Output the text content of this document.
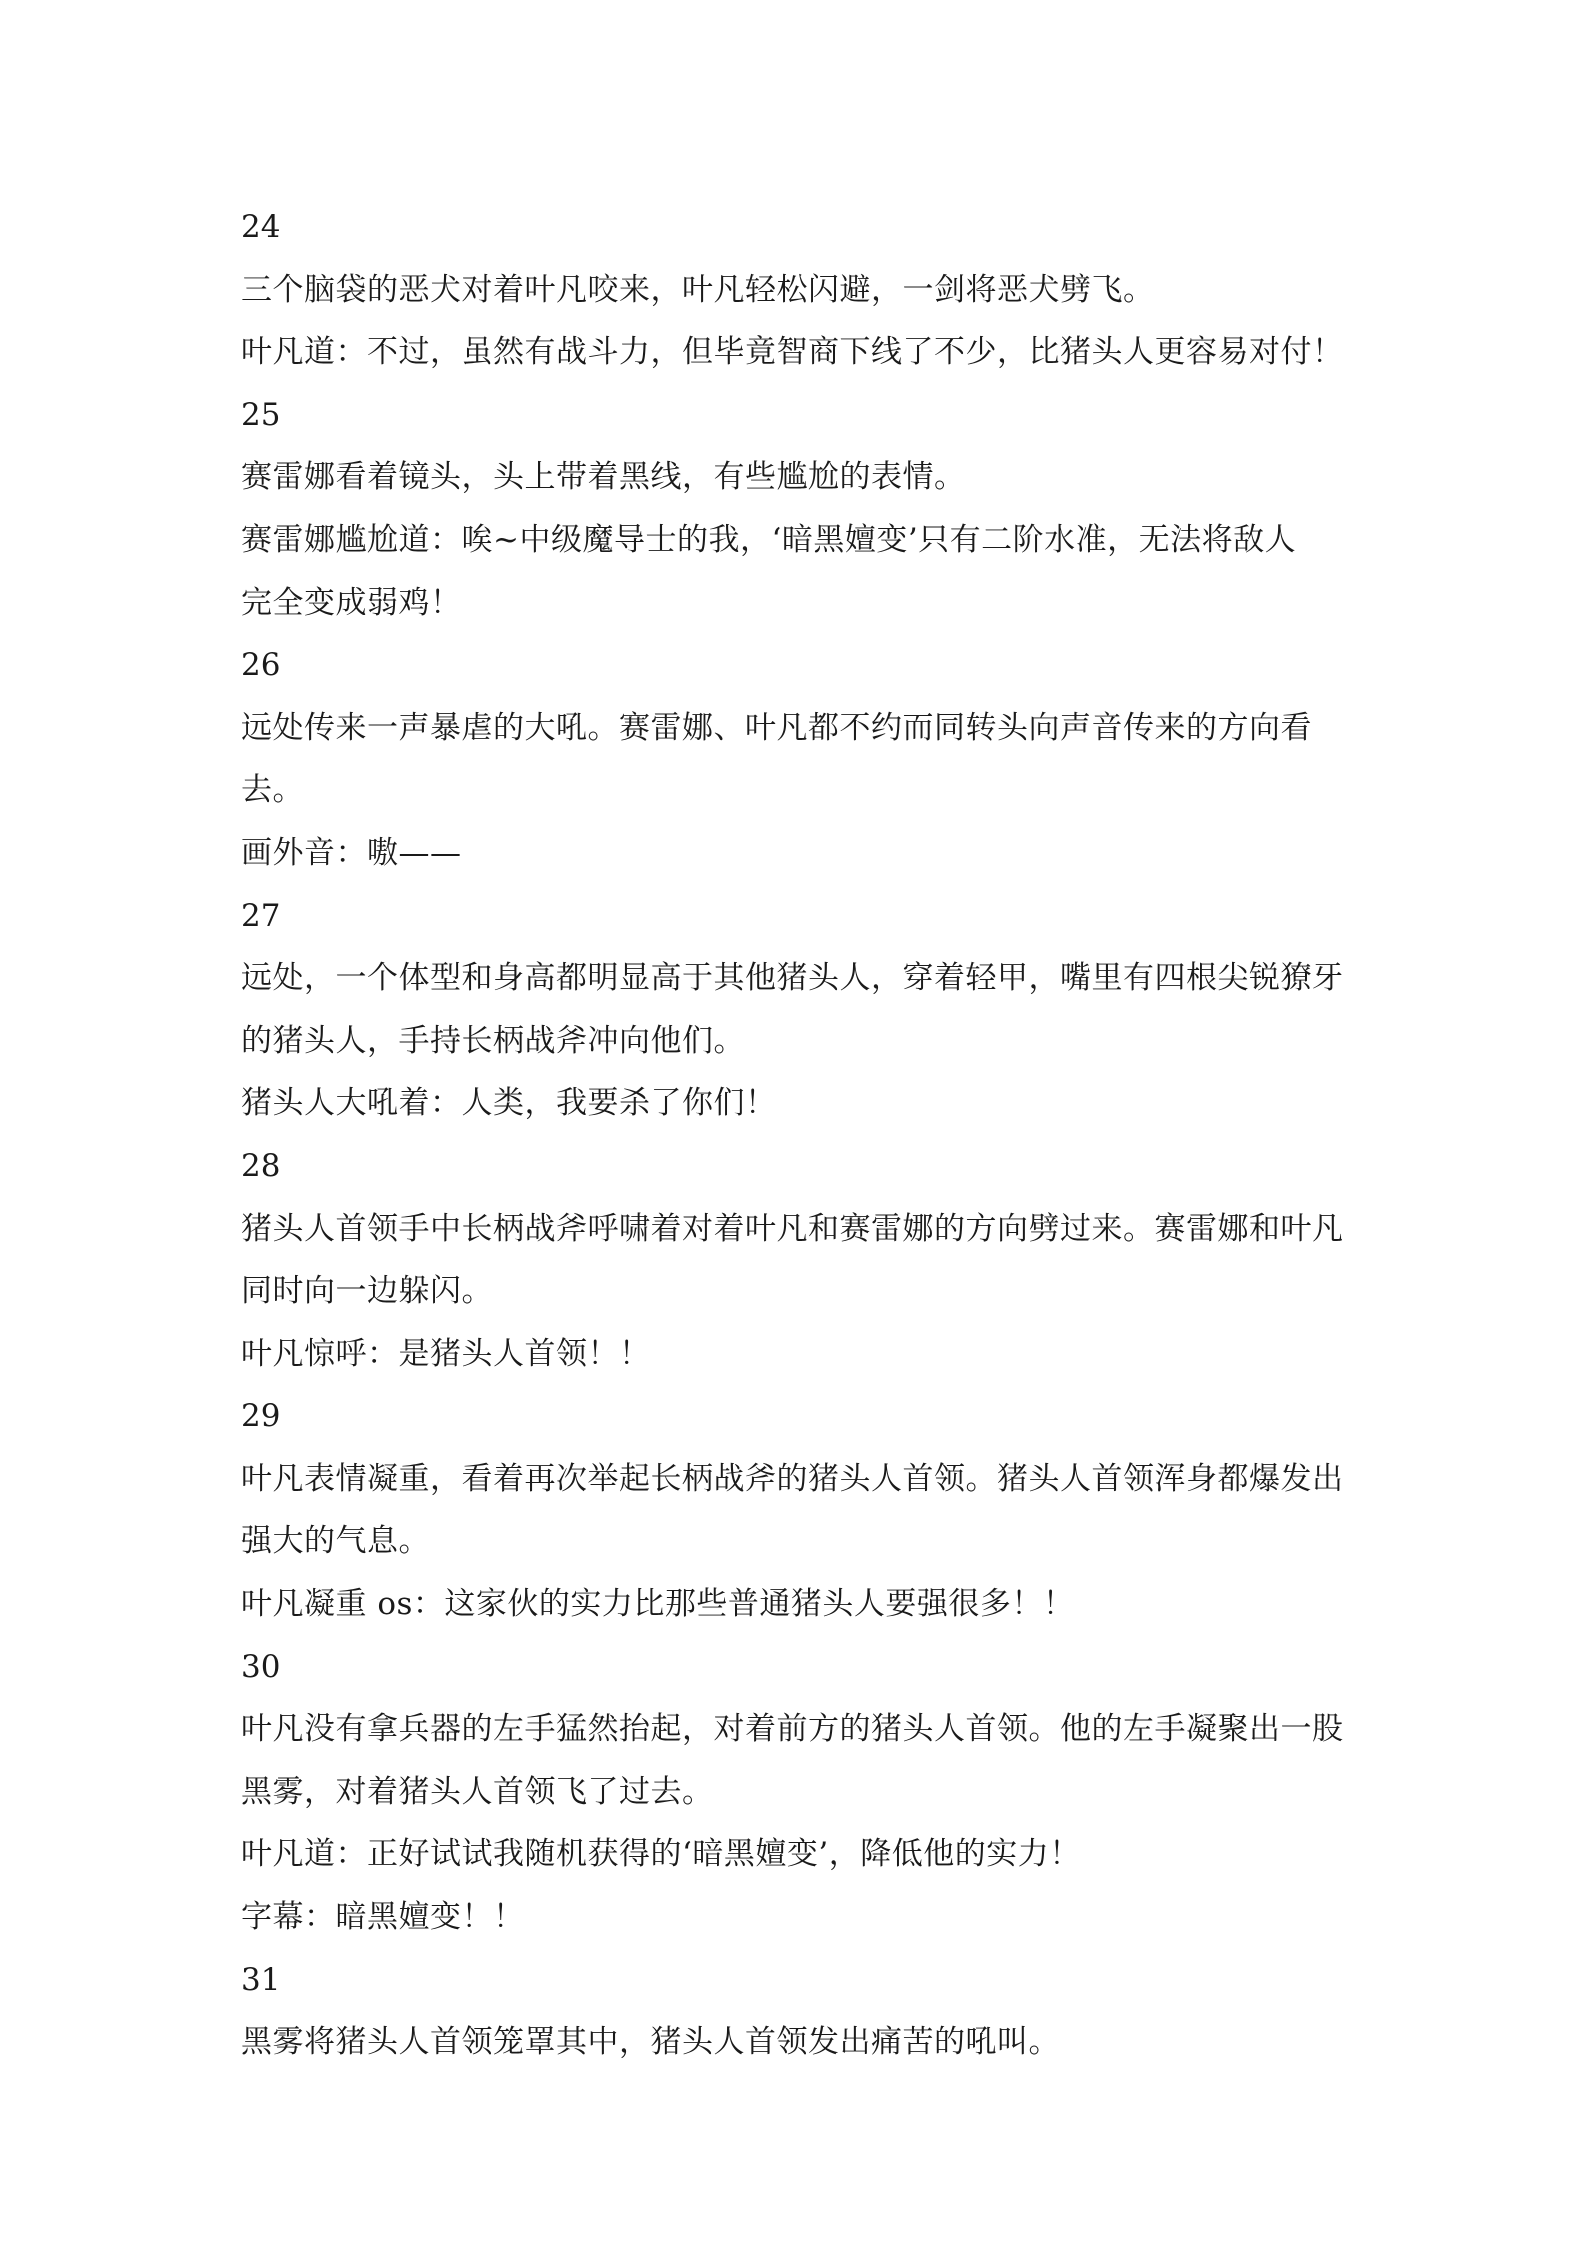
24

三个脑袋的恶犬对着叶凡咬来，叶凡轻松闪避，一剑将恶犬劈飞。

叶凡道：不过，虽然有战斗力，但毕竟智商下线了不少，比猪头人更容易对付！

25

赛雷娜看着镜头，头上带着黑线，有些尴尬的表情。

赛雷娜尴尬道：唉~中级魔导士的我，‘暗黑嬗变’只有二阶水准，无法将敌人

完全变成弱鸡！

26

远处传来一声暴虐的大吼。赛雷娜、叶凡都不约而同转头向声音传来的方向看去。

画外音：嗷——

27

远处，一个体型和身高都明显高于其他猪头人，穿着轻甲，嘴里有四根尖锐獠牙

的猪头人，手持长柄战斧冲向他们。

猪头人大吼着：人类，我要杀了你们！

28

猪头人首领手中长柄战斧呼啸着对着叶凡和赛雷娜的方向劈过来。赛雷娜和叶凡

同时向一边躲闪。

叶凡惊呼：是猪头人首领！！

29

叶凡表情凝重，看着再次举起长柄战斧的猪头人首领。猪头人首领浑身都爆发出

强大的气息。

叶凡凝重 os：这家伙的实力比那些普通猪头人要强很多！！

30

叶凡没有拿兵器的左手猛然抬起，对着前方的猪头人首领。他的左手凝聚出一股

黑雾，对着猪头人首领飞了过去。

叶凡道：正好试试我随机获得的‘暗黑嬗变’，降低他的实力！

字幕：暗黑嬗变！！

31

黑雾将猪头人首领笼罩其中，猪头人首领发出痛苦的吼叫。
